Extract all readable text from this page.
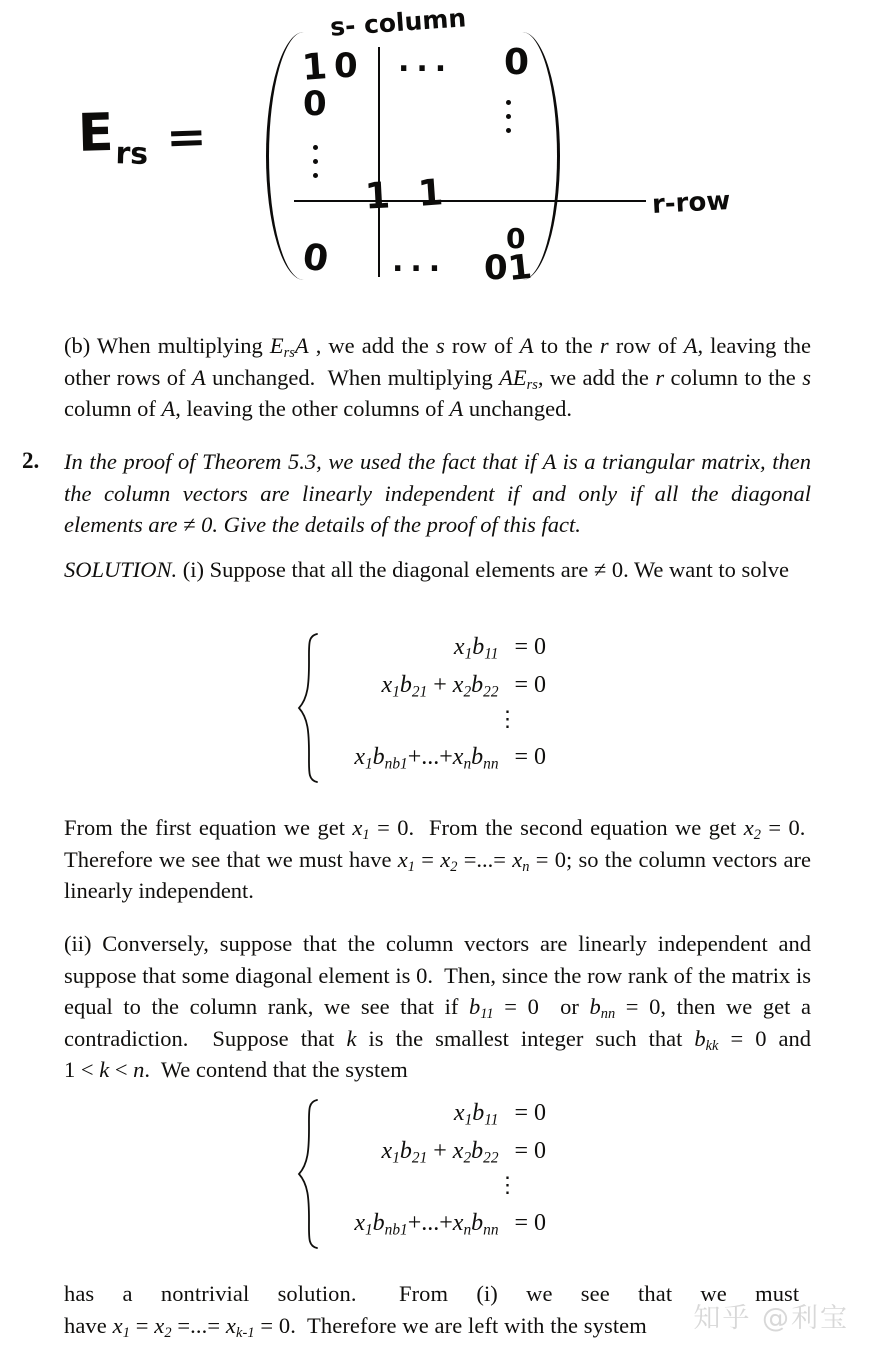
Ers =
1 0
0
... 0
1 1
0 ...
0
0
1
s- column
r-row
(b) When multiplying $E_{rs}A$ , we add the s row of A to the r row of A, leaving the other rows of A unchanged.  When multiplying $AE_{rs}$, we add the r column to the s column of A, leaving the other columns of A unchanged.
2. In the proof of Theorem 5.3, we used the fact that if A is a triangular matrix, then the column vectors are linearly independent if and only if all the diagonal elements are ≠ 0. Give the details of the proof of this fact.
SOLUTION. (i) Suppose that all the diagonal elements are ≠ 0. We want to solve
$x_1b_{11} = 0$
$x_1b_{21} + x_2b_{22} = 0$
⋮
$x_1b_{nb1}+...+x_nb_{nn} = 0$
From the first equation we get $x_1 = 0$.  From the second equation we get $x_2 = 0$.  Therefore we see that we must have $x_1 = x_2$ =...= $x_n = 0$; so the column vectors are linearly independent.
(ii) Conversely, suppose that the column vectors are linearly independent and suppose that some diagonal element is 0.  Then, since the row rank of the matrix is equal to the column rank, we see that if $b_{11} = 0$  or $b_{nn} = 0$, then we get a contradiction.  Suppose that k is the smallest integer such that $b_{kk} = 0$ and 1 < k < n.  We contend that the system
$x_1b_{11} = 0$
$x_1b_{21} + x_2b_{22} = 0$
⋮
$x_1b_{nb1}+...+x_nb_{nn} = 0$
has  a  nontrivial  solution.   From  (i)  we  see  that  we  must  have $x_1 = x_2$ =...= $x_{k-1} = 0$.  Therefore we are left with the system	知乎 @利宝
